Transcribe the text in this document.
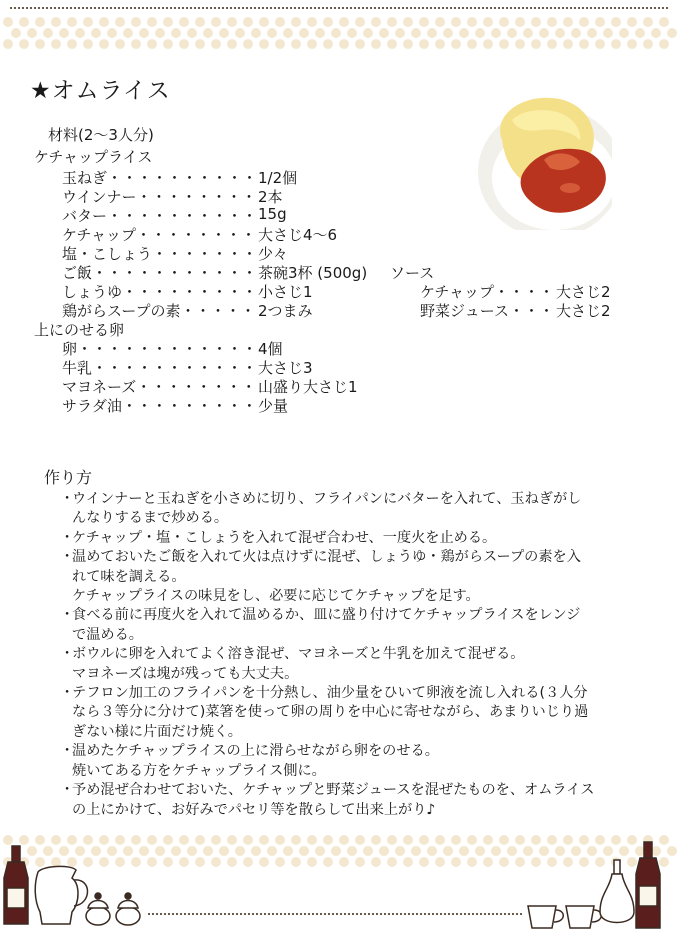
★オムライス
材料(2～3人分)
ケチャップライス
玉ねぎ・・・・・・・・・・ 1/2個
ウインナー・・・・・・・・ 2本
バター・・・・・・・・・・ 15g
ケチャップ・・・・・・・・ 大さじ4～6
塩・こしょう・・・・・・・ 少々
ご飯・・・・・・・・・・・ 茶碗3杯 (500g)
しょうゆ・・・・・・・・・ 小さじ1
鶏がらスープの素・・・・・ 2つまみ
上にのせる卵
卵・・・・・・・・・・・・ 4個
牛乳・・・・・・・・・・・ 大さじ3
マヨネーズ・・・・・・・・ 山盛り大さじ1
サラダ油・・・・・・・・・ 少量
ソース
ケチャップ・・・・ 大さじ2
野菜ジュース・・・ 大さじ2
作り方
・

ウインナーと玉ねぎを小さめに切り、フライパンにバターを入れて、玉ねぎがし

んなりするまで炒める。

・

ケチャップ・塩・こしょうを入れて混ぜ合わせ、一度火を止める。

・

温めておいたご飯を入れて火は点けずに混ぜ、しょうゆ・鶏がらスープの素を入

れて味を調える。

ケチャップライスの味見をし、必要に応じてケチャップを足す。

・

食べる前に再度火を入れて温めるか、皿に盛り付けてケチャップライスをレンジ

で温める。

・

ボウルに卵を入れてよく溶き混ぜ、マヨネーズと牛乳を加えて混ぜる。

マヨネーズは塊が残っても大丈夫。

・

テフロン加工のフライパンを十分熱し、油少量をひいて卵液を流し入れる(３人分

なら３等分に分けて)菜箸を使って卵の周りを中心に寄せながら、あまりいじり過

ぎない様に片面だけ焼く。

・

温めたケチャップライスの上に滑らせながら卵をのせる。

焼いてある方をケチャップライス側に。

・

予め混ぜ合わせておいた、ケチャップと野菜ジュースを混ぜたものを、オムライス

の上にかけて、お好みでパセリ等を散らして出来上がり♪
